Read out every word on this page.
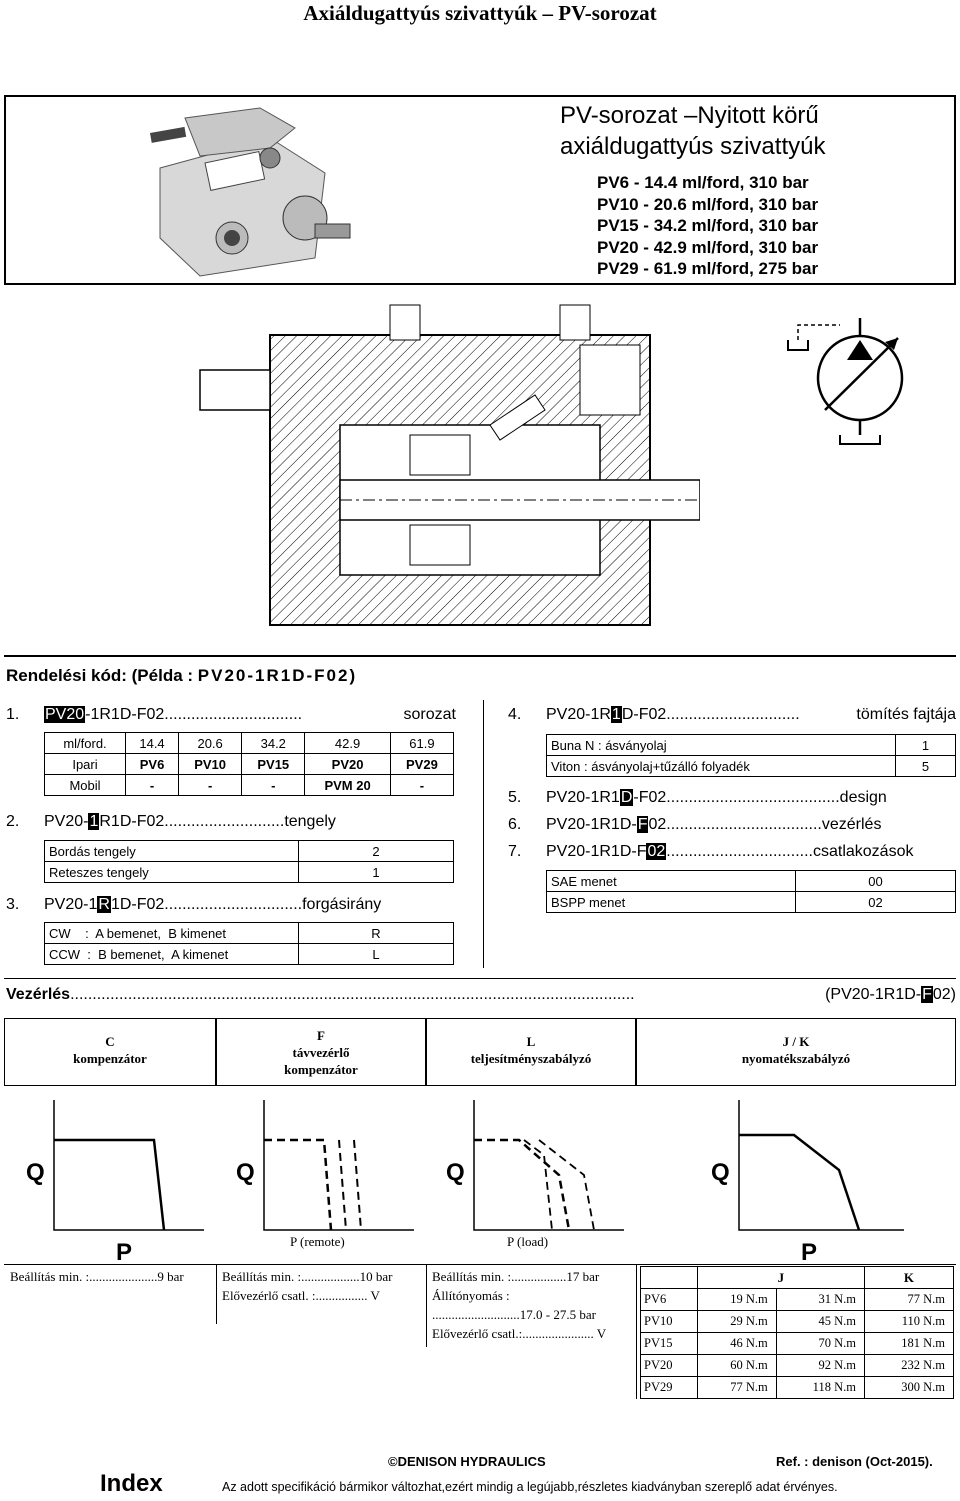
Axiáldugattyús szivattyúk – PV-sorozat
PV-sorozat –Nyitott körű
axiáldugattyús szivattyúk
PV6 - 14.4 ml/ford, 310 bar
PV10 - 20.6 ml/ford, 310 bar
PV15 - 34.2 ml/ford, 310 bar
PV20 - 42.9 ml/ford, 310 bar
PV29 - 61.9 ml/ford, 275 bar
Rendelési kód: (Példa : PV20-1R1D-F02)
1. PV20-1R1D-F02...............................	sorozat
ml/ford.	14.4	20.6	34.2	42.9	61.9
Ipari	PV6	PV10	PV15	PV20	PV29
Mobil	-	-	-	PVM 20	-
2. PV20-1R1D-F02...........................tengely
Bordás tengely	2
Reteszes tengely	1
3. PV20-1R1D-F02...............................forgásirány
CW    :  A bemenet,  B kimenet	R
CCW  :  B bemenet,  A kimenet	L
4. PV20-1R1D-F02..............................	tömítés fajtája
Buna N : ásványolaj	1
Viton : ásványolaj+tűzálló folyadék	5
5. PV20-1R1D-F02.......................................design
6. PV20-1R1D-F02...................................vezérlés
7. PV20-1R1D-F02.................................csatlakozások
SAE menet	00
BSPP menet	02
Vezérlés...............................................................................................................................	(PV20-1R1D-F02)
C
kompenzátor
F
távvezérlő
kompenzátor
L
teljesítményszabályzó
J / K
nyomatékszabályzó
Q
P
Q	Q	Q
P
P (remote)	P (load)
Beállítás min. :.....................9 bar	Beállítás min. :..................10 bar
Elővezérlő csatl. :................ V
Beállítás min. :.................17 bar
Állítónyomás :
...........................17.0 - 27.5 bar
Elővezérlő csatl.:...................... V
	J		K
PV6	19 N.m	31 N.m	77 N.m
PV10	29 N.m	45 N.m	110 N.m
PV15	46 N.m	70 N.m	181 N.m
PV20	60 N.m	92 N.m	232 N.m
PV29	77 N.m	118 N.m	300 N.m
©DENISON HYDRAULICS	Ref. : denison (Oct-2015).
Index	Az adott specifikáció bármikor változhat,ezért mindig a legújabb,részletes kiadványban szereplő adat érvényes.
